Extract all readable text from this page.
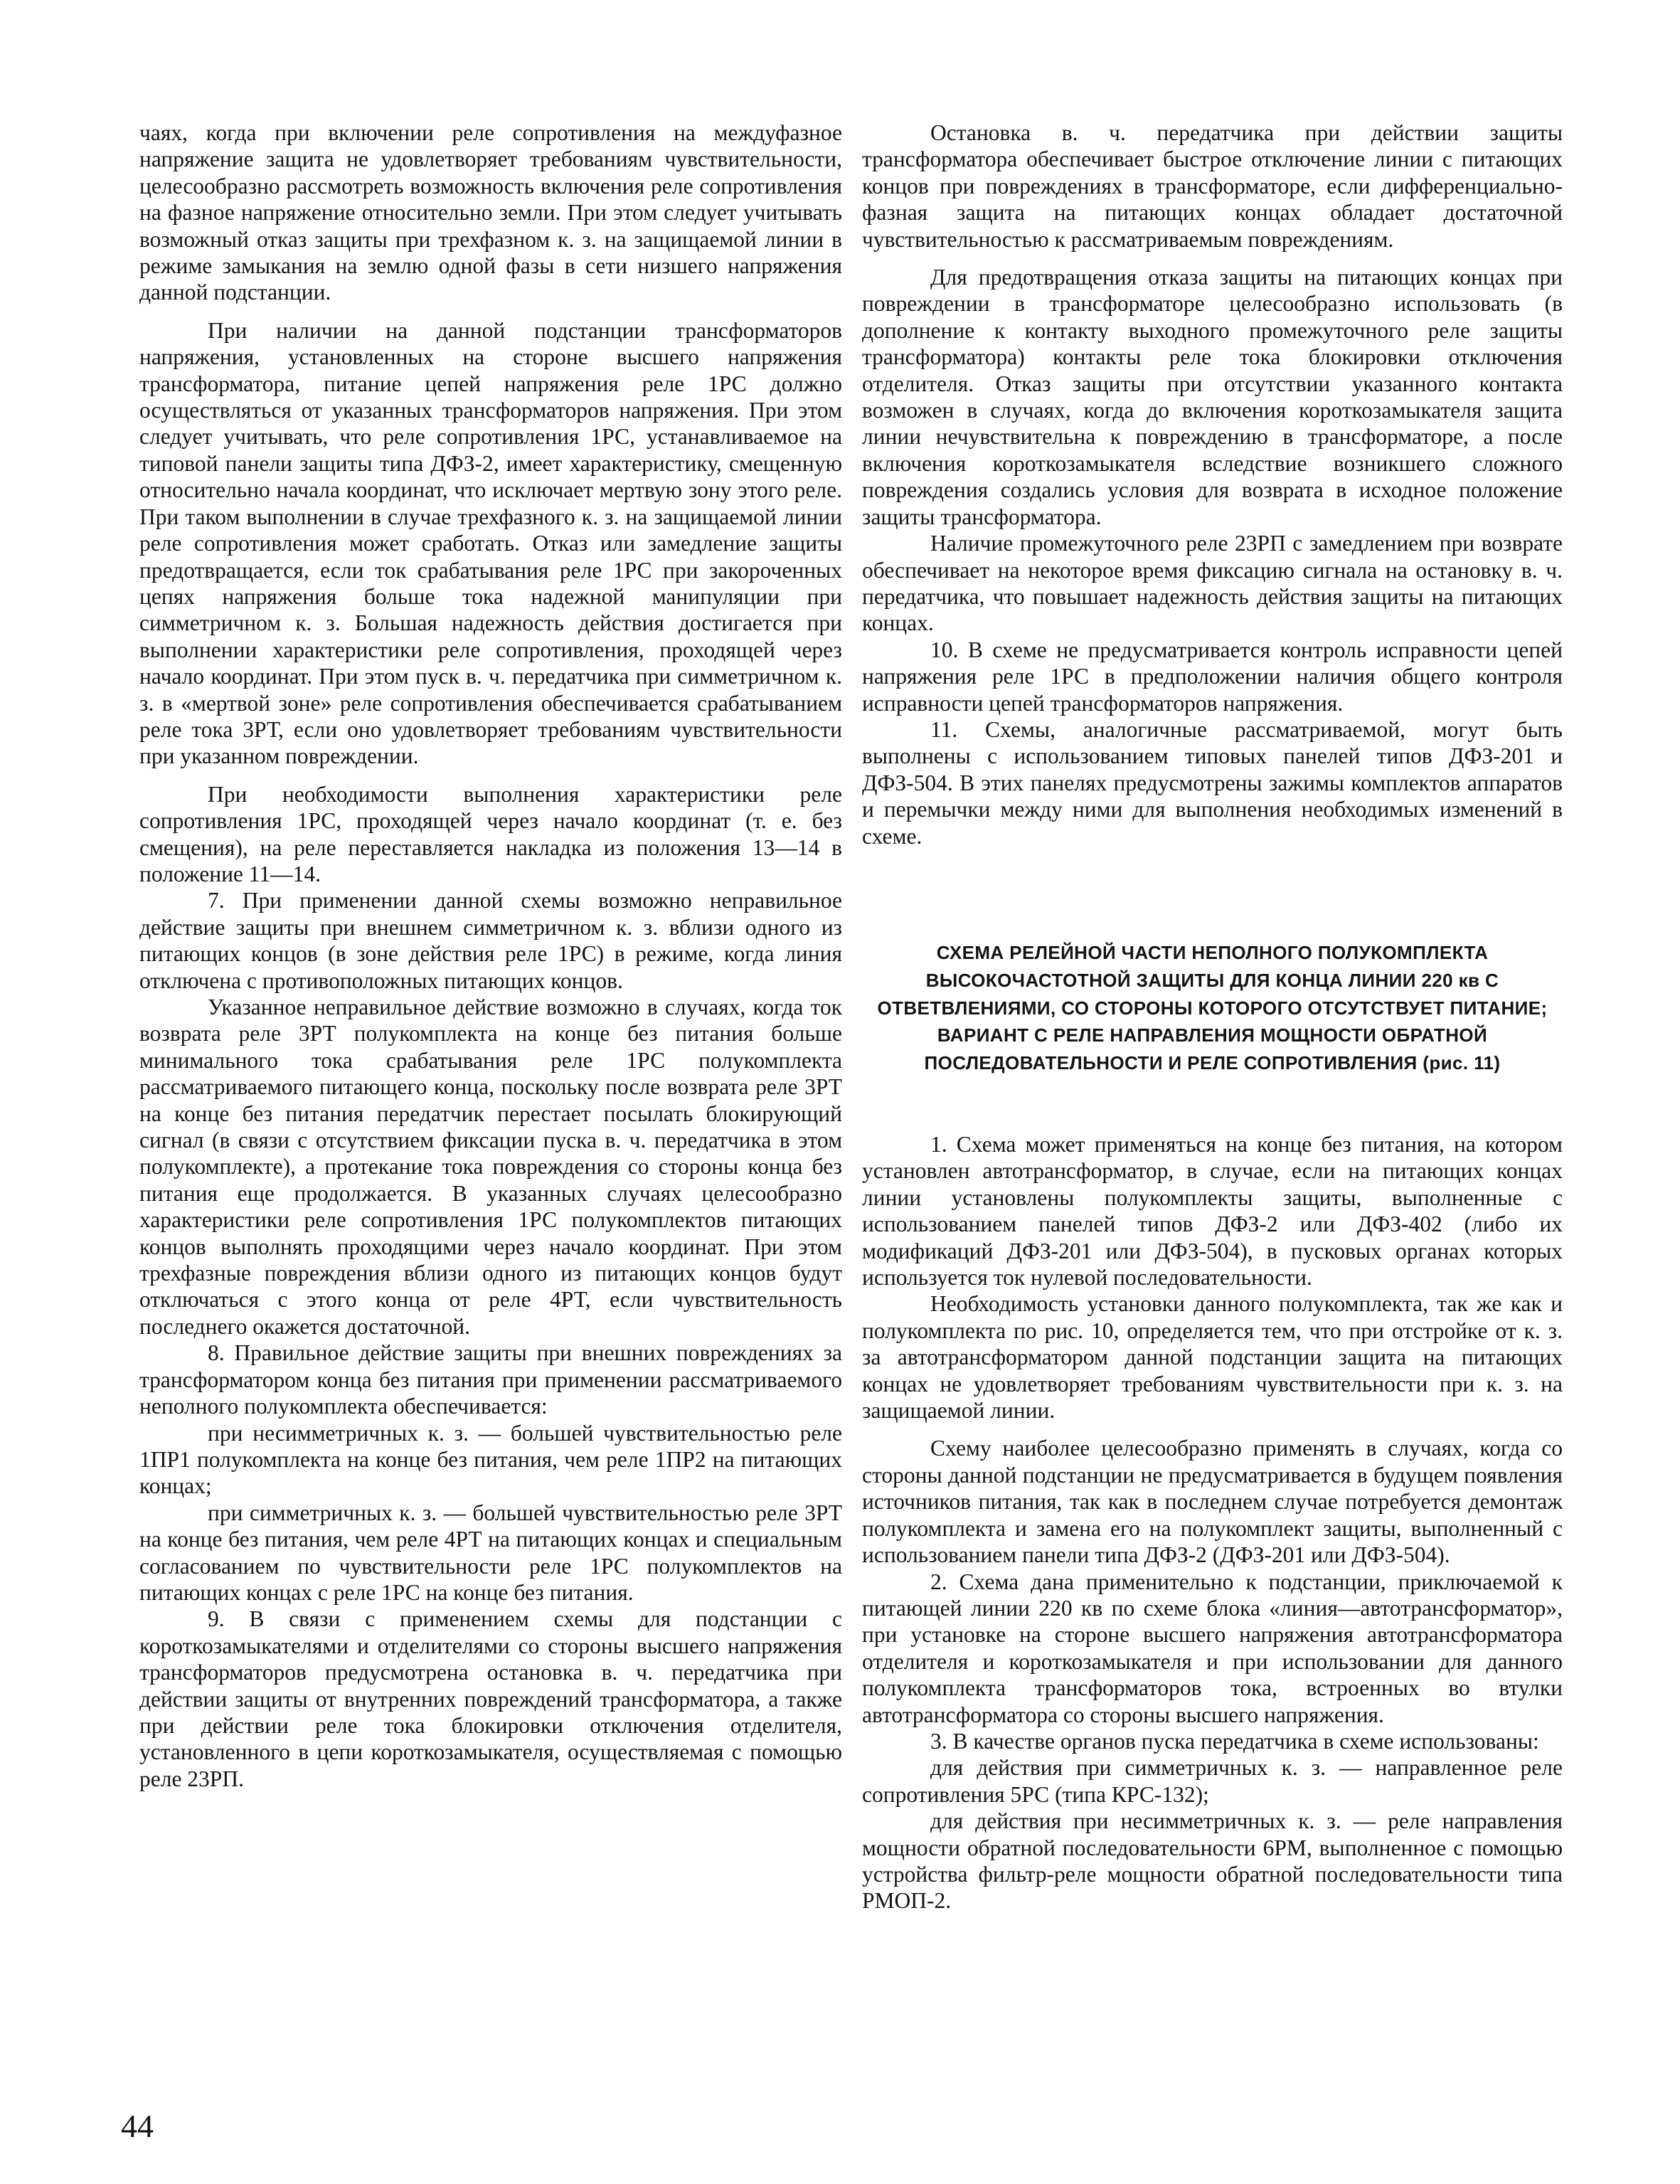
чаях, когда при включении реле сопротивления на междуфазное напряжение защита не удовлетворяет требованиям чувствительности, целесообразно рассмотреть возможность включения реле сопротивления на фазное напряжение относительно земли. При этом следует учитывать возможный отказ защиты при трехфазном к. з. на защищаемой линии в режиме замыкания на землю одной фазы в сети низшего напряжения данной подстанции.

При наличии на данной подстанции трансформаторов напряжения, установленных на стороне высшего напряжения трансформатора, питание цепей напряжения реле 1РС должно осуществляться от указанных трансформаторов напряжения. При этом следует учитывать, что реле сопротивления 1РС, устанавливаемое на типовой панели защиты типа ДФЗ-2, имеет характеристику, смещенную относительно начала координат, что исключает мертвую зону этого реле. При таком выполнении в случае трехфазного к. з. на защищаемой линии реле сопротивления может сработать. Отказ или замедление защиты предотвращается, если ток срабатывания реле 1РС при закороченных цепях напряжения больше тока надежной манипуляции при симметричном к. з. Большая надежность действия достигается при выполнении характеристики реле сопротивления, проходящей через начало координат. При этом пуск в. ч. передатчика при симметричном к. з. в «мертвой зоне» реле сопротивления обеспечивается срабатыванием реле тока 3РТ, если оно удовлетворяет требованиям чувствительности при указанном повреждении.

При необходимости выполнения характеристики реле сопротивления 1РС, проходящей через начало координат (т. е. без смещения), на реле переставляется накладка из положения 13—14 в положение 11—14.

7. При применении данной схемы возможно неправильное действие защиты при внешнем симметричном к. з. вблизи одного из питающих концов (в зоне действия реле 1РС) в режиме, когда линия отключена с противоположных питающих концов.

Указанное неправильное действие возможно в случаях, когда ток возврата реле 3РТ полукомплекта на конце без питания больше минимального тока срабатывания реле 1РС полукомплекта рассматриваемого питающего конца, поскольку после возврата реле 3РТ на конце без питания передатчик перестает посылать блокирующий сигнал (в связи с отсутствием фиксации пуска в. ч. передатчика в этом полукомплекте), а протекание тока повреждения со стороны конца без питания еще продолжается. В указанных случаях целесообразно характеристики реле сопротивления 1РС полукомплектов питающих концов выполнять проходящими через начало координат. При этом трехфазные повреждения вблизи одного из питающих концов будут отключаться с этого конца от реле 4РТ, если чувствительность последнего окажется достаточной.

8. Правильное действие защиты при внешних повреждениях за трансформатором конца без питания при применении рассматриваемого неполного полукомплекта обеспечивается:

при несимметричных к. з. — большей чувствительностью реле 1ПР1 полукомплекта на конце без питания, чем реле 1ПР2 на питающих концах;

при симметричных к. з. — большей чувствительностью реле 3РТ на конце без питания, чем реле 4РТ на питающих концах и специальным согласованием по чувствительности реле 1РС полукомплектов на питающих концах с реле 1РС на конце без питания.

9. В связи с применением схемы для подстанции с короткозамыкателями и отделителями со стороны высшего напряжения трансформаторов предусмотрена остановка в. ч. передатчика при действии защиты от внутренних повреждений трансформатора, а также при действии реле тока блокировки отключения отделителя, установленного в цепи короткозамыкателя, осуществляемая с помощью реле 23РП.

Остановка в. ч. передатчика при действии защиты трансформатора обеспечивает быстрое отключение линии с питающих концов при повреждениях в трансформаторе, если дифференциально-фазная защита на питающих концах обладает достаточной чувствительностью к рассматриваемым повреждениям.

Для предотвращения отказа защиты на питающих концах при повреждении в трансформаторе целесообразно использовать (в дополнение к контакту выходного промежуточного реле защиты трансформатора) контакты реле тока блокировки отключения отделителя. Отказ защиты при отсутствии указанного контакта возможен в случаях, когда до включения короткозамыкателя защита линии нечувствительна к повреждению в трансформаторе, а после включения короткозамыкателя вследствие возникшего сложного повреждения создались условия для возврата в исходное положение защиты трансформатора.

Наличие промежуточного реле 23РП с замедлением при возврате обеспечивает на некоторое время фиксацию сигнала на остановку в. ч. передатчика, что повышает надежность действия защиты на питающих концах.

10. В схеме не предусматривается контроль исправности цепей напряжения реле 1РС в предположении наличия общего контроля исправности цепей трансформаторов напряжения.

11. Схемы, аналогичные рассматриваемой, могут быть выполнены с использованием типовых панелей типов ДФЗ-201 и ДФЗ-504. В этих панелях предусмотрены зажимы комплектов аппаратов и перемычки между ними для выполнения необходимых изменений в схеме.

СХЕМА РЕЛЕЙНОЙ ЧАСТИ НЕПОЛНОГО ПОЛУКОМПЛЕКТА ВЫСОКОЧАСТОТНОЙ ЗАЩИТЫ ДЛЯ КОНЦА ЛИНИИ 220 кв С ОТВЕТВЛЕНИЯМИ, СО СТОРОНЫ КОТОРОГО ОТСУТСТВУЕТ ПИТАНИЕ; ВАРИАНТ С РЕЛЕ НАПРАВЛЕНИЯ МОЩНОСТИ ОБРАТНОЙ ПОСЛЕДОВАТЕЛЬНОСТИ И РЕЛЕ СОПРОТИВЛЕНИЯ (рис. 11)

1. Схема может применяться на конце без питания, на котором установлен автотрансформатор, в случае, если на питающих концах линии установлены полукомплекты защиты, выполненные с использованием панелей типов ДФЗ-2 или ДФЗ-402 (либо их модификаций ДФЗ-201 или ДФЗ-504), в пусковых органах которых используется ток нулевой последовательности.

Необходимость установки данного полукомплекта, так же как и полукомплекта по рис. 10, определяется тем, что при отстройке от к. з. за автотрансформатором данной подстанции защита на питающих концах не удовлетворяет требованиям чувствительности при к. з. на защищаемой линии.

Схему наиболее целесообразно применять в случаях, когда со стороны данной подстанции не предусматривается в будущем появления источников питания, так как в последнем случае потребуется демонтаж полукомплекта и замена его на полукомплект защиты, выполненный с использованием панели типа ДФЗ-2 (ДФЗ-201 или ДФЗ-504).

2. Схема дана применительно к подстанции, приключаемой к питающей линии 220 кв по схеме блока «линия—автотрансформатор», при установке на стороне высшего напряжения автотрансформатора отделителя и короткозамыкателя и при использовании для данного полукомплекта трансформаторов тока, встроенных во втулки автотрансформатора со стороны высшего напряжения.

3. В качестве органов пуска передатчика в схеме использованы:

для действия при симметричных к. з. — направленное реле сопротивления 5РС (типа КРС-132);

для действия при несимметричных к. з. — реле направления мощности обратной последовательности 6РМ, выполненное с помощью устройства фильтр-реле мощности обратной последовательности типа РМОП-2.

44
